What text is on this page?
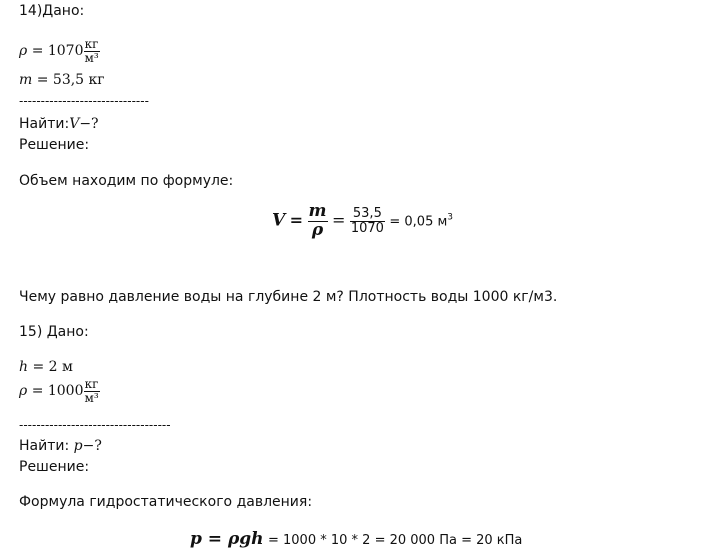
14)Дано:
$\rho = 1070 \frac{кг}{\text{м³}}$
m = 53,5 кг
------------------------------
Найти:V−?
Решение:
Объем находим по формуле:
$V = \frac{m}{\rho} = \frac{53,5}{1070} = 0,05$ $м^3$
Чему равно давление воды на глубине 2 м? Плотность воды 1000 кг/м3.
15) Дано:
h = 2 м
$\rho = 1000 \frac{кг}{\text{м³}}$
-----------------------------------
Найти: p−?
Решение:
Формула гидростатического давления:
p = ρgh = 1000 * 10 * 2 = 20 000 Па = 20 кПа
